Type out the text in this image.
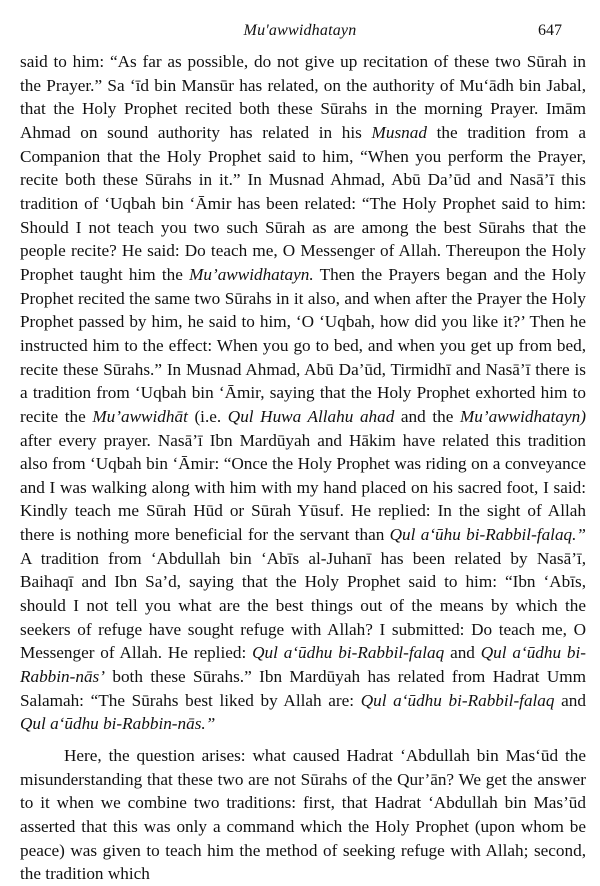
Mu'awwidhatayn	647

said to him: “As far as possible, do not give up recitation of these two Sūrah in the Prayer.” Sa ‘īd bin Mansūr has related, on the authority of Mu‘ādh bin Jabal, that the Holy Prophet recited both these Sūrahs in the morning Prayer. Imām Ahmad on sound authority has related in his Musnad the tradition from a Companion that the Holy Prophet said to him, “When you perform the Prayer, recite both these Sūrahs in it.” In Musnad Ahmad, Abū Da’ūd and Nasā’ī this tradition of ‘Uqbah bin ‘Āmir has been related: “The Holy Prophet said to him: Should I not teach you two such Sūrah as are among the best Sūrahs that the people recite? He said: Do teach me, O Messenger of Allah. Thereupon the Holy Prophet taught him the Mu’awwidhatayn. Then the Prayers began and the Holy Prophet recited the same two Sūrahs in it also, and when after the Prayer the Holy Prophet passed by him, he said to him, ‘O ‘Uqbah, how did you like it?’ Then he instructed him to the effect: When you go to bed, and when you get up from bed, recite these Sūrahs.” In Musnad Ahmad, Abū Da’ūd, Tirmidhī and Nasā’ī there is a tradition from ‘Uqbah bin ‘Āmir, saying that the Holy Prophet exhorted him to recite the Mu’awwidhāt (i.e. Qul Huwa Allahu ahad and the Mu’awwidhatayn) after every prayer. Nasā’ī Ibn Mardūyah and Hākim have related this tradition also from ‘Uqbah bin ‘Āmir: “Once the Holy Prophet was riding on a conveyance and I was walking along with him with my hand placed on his sacred foot, I said: Kindly teach me Sūrah Hūd or Sūrah Yūsuf. He replied: In the sight of Allah there is nothing more beneficial for the servant than Qul a‘ūhu bi-Rabbil-falaq.” A tradition from ‘Abdullah bin ‘Abīs al-Juhanī has been related by Nasā’ī, Baihaqī and Ibn Sa’d, saying that the Holy Prophet said to him: “Ibn ‘Abīs, should I not tell you what are the best things out of the means by which the seekers of refuge have sought refuge with Allah? I submitted: Do teach me, O Messenger of Allah. He replied: Qul a‘ūdhu bi-Rabbil-falaq and Qul a‘ūdhu bi-Rabbin-nās’ both these Sūrahs.” Ibn Mardūyah has related from Hadrat Umm Salamah: “The Sūrahs best liked by Allah are: Qul a‘ūdhu bi-Rabbil-falaq and Qul a‘ūdhu bi-Rabbin-nās.”

Here, the question arises: what caused Hadrat ‘Abdullah bin Mas‘ūd the misunderstanding that these two are not Sūrahs of the Qur’ān? We get the answer to it when we combine two traditions: first, that Hadrat ‘Abdullah bin Mas’ūd asserted that this was only a command which the Holy Prophet (upon whom be peace) was given to teach him the method of seeking refuge with Allah; second, the tradition which
